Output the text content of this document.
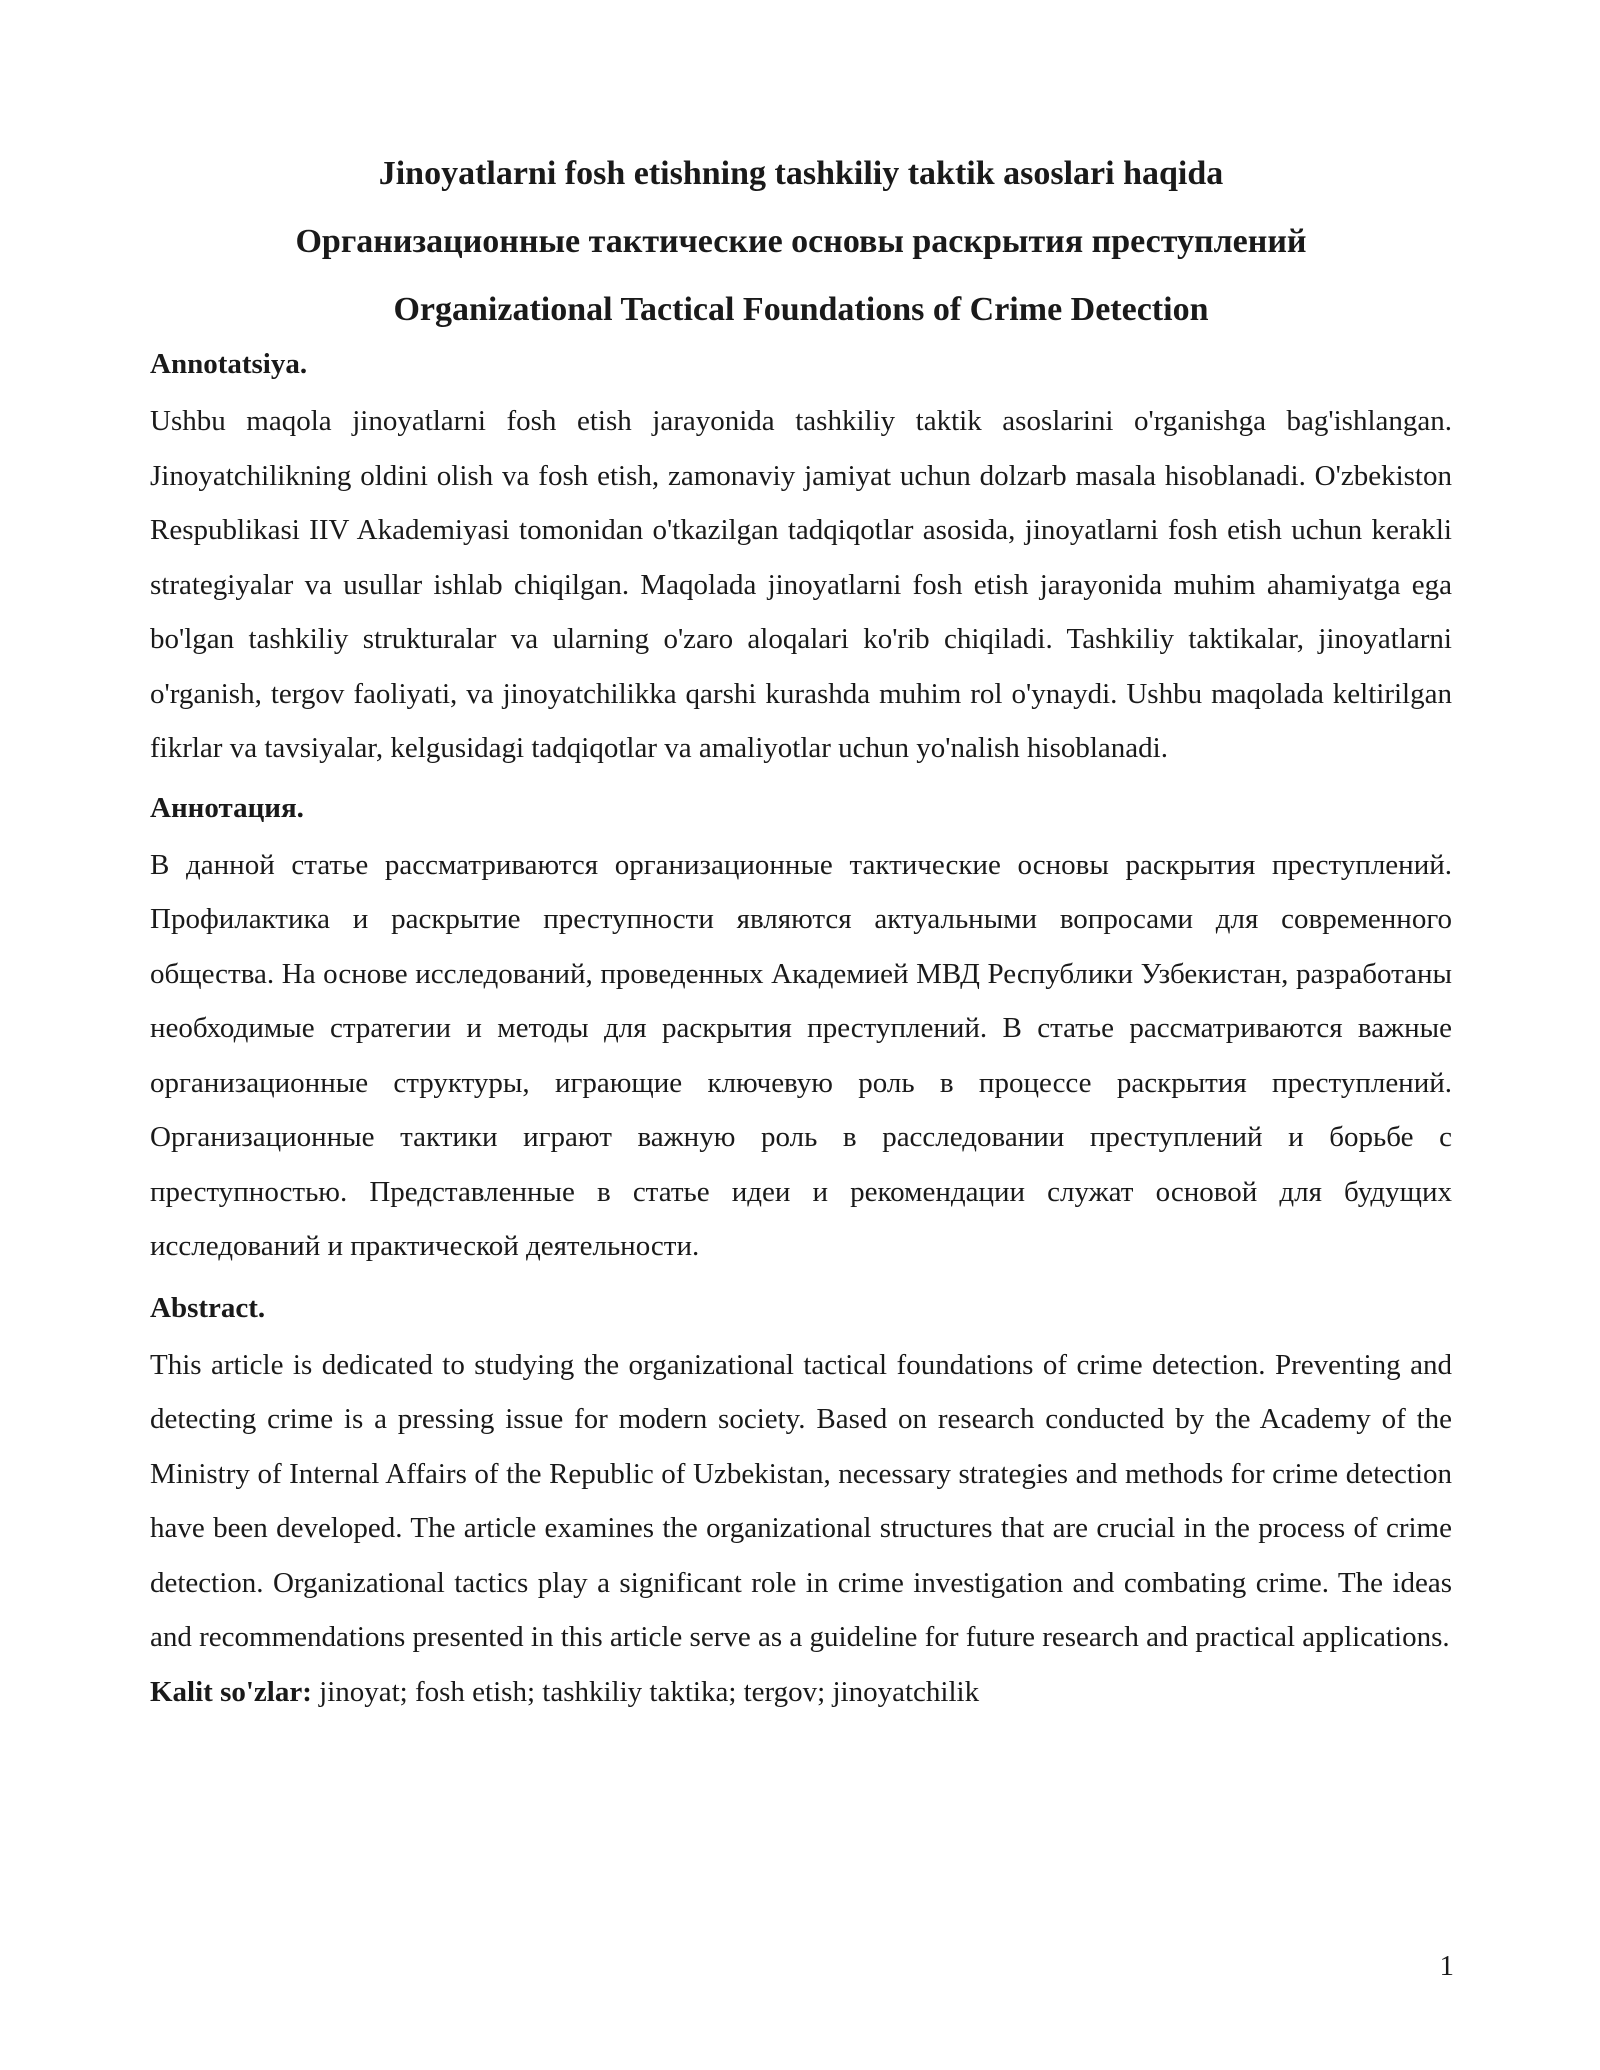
Jinoyatlarni fosh etishning tashkiliy taktik asoslari haqida
Организационные тактические основы раскрытия преступлений
Organizational Tactical Foundations of Crime Detection
Annotatsiya.

Ushbu maqola jinoyatlarni fosh etish jarayonida tashkiliy taktik asoslarini o'rganishga bag'ishlangan. Jinoyatchilikning oldini olish va fosh etish, zamonaviy jamiyat uchun dolzarb masala hisoblanadi. O'zbekiston Respublikasi IIV Akademiyasi tomonidan o'tkazilgan tadqiqotlar asosida, jinoyatlarni fosh etish uchun kerakli strategiyalar va usullar ishlab chiqilgan. Maqolada jinoyatlarni fosh etish jarayonida muhim ahamiyatga ega bo'lgan tashkiliy strukturalar va ularning o'zaro aloqalari ko'rib chiqiladi. Tashkiliy taktikalar, jinoyatlarni o'rganish, tergov faoliyati, va jinoyatchilikka qarshi kurashda muhim rol o'ynaydi. Ushbu maqolada keltirilgan fikrlar va tavsiyalar, kelgusidagi tadqiqotlar va amaliyotlar uchun yo'nalish hisoblanadi.

Аннотация.

В данной статье рассматриваются организационные тактические основы раскрытия преступлений. Профилактика и раскрытие преступности являются актуальными вопросами для современного общества. На основе исследований, проведенных Академией МВД Республики Узбекистан, разработаны необходимые стратегии и методы для раскрытия преступлений. В статье рассматриваются важные организационные структуры, играющие ключевую роль в процессе раскрытия преступлений. Организационные тактики играют важную роль в расследовании преступлений и борьбе с преступностью. Представленные в статье идеи и рекомендации служат основой для будущих исследований и практической деятельности.

Abstract.

This article is dedicated to studying the organizational tactical foundations of crime detection. Preventing and detecting crime is a pressing issue for modern society. Based on research conducted by the Academy of the Ministry of Internal Affairs of the Republic of Uzbekistan, necessary strategies and methods for crime detection have been developed. The article examines the organizational structures that are crucial in the process of crime detection. Organizational tactics play a significant role in crime investigation and combating crime. The ideas and recommendations presented in this article serve as a guideline for future research and practical applications.

Kalit so'zlar: jinoyat; fosh etish; tashkiliy taktika; tergov; jinoyatchilik

1
